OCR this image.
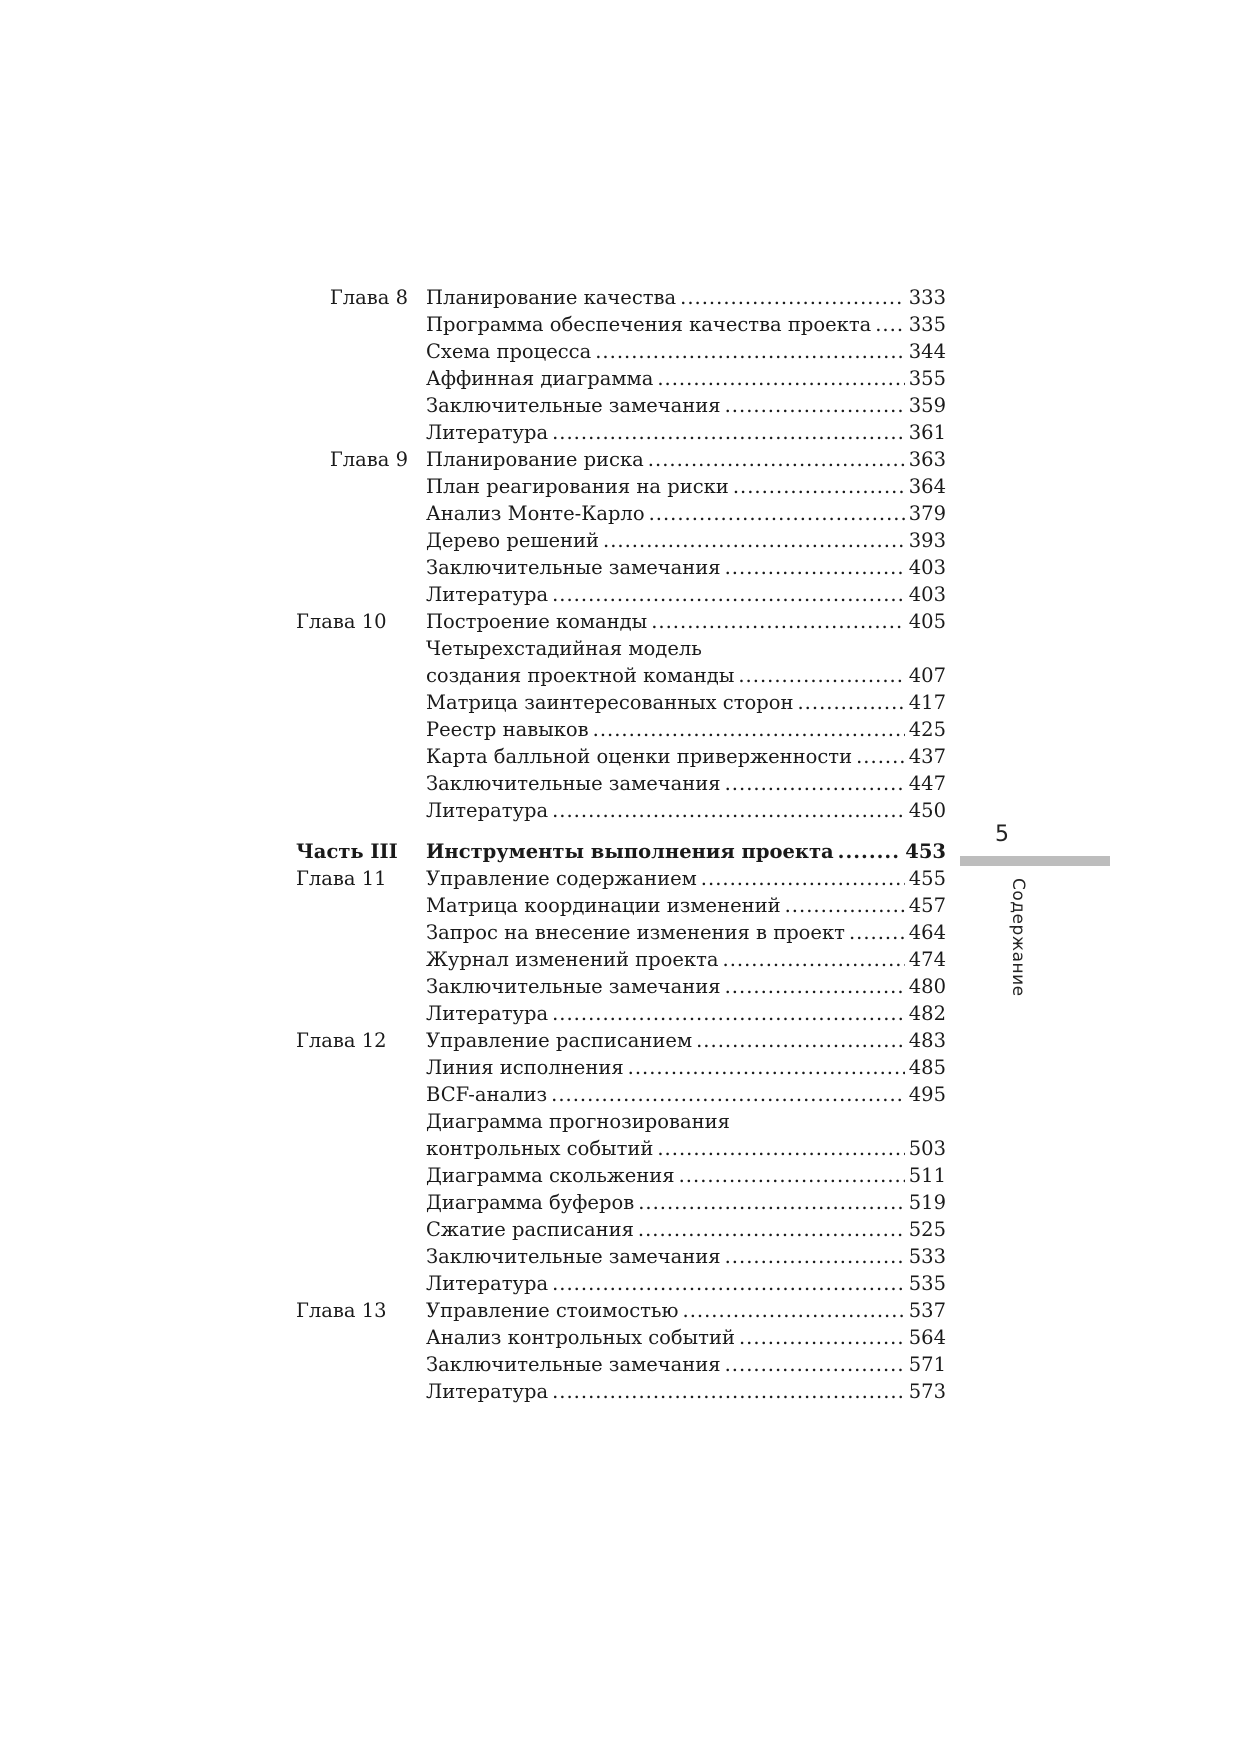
Глава 8 Планирование качества .....	333
Программа обеспечения качества проекта ..... 335
Схема процесса .....	344
Аффинная диаграмма .....	355
Заключительные замечания .....	359
Литература .....	361
Глава 9 Планирование риска .....	363
План реагирования на риски .....	364
Анализ Монте-Карло .....	379
Дерево решений .....	393
Заключительные замечания .....	403
Литература .....	403
Глава 10	Построение команды .....	405
Четырехстадийная модель
создания проектной команды .....	407
Матрица заинтересованных сторон .....	417
Реестр навыков .....	425
Карта балльной оценки приверженности .....	437
Заключительные замечания .....	447
Литература .....	450
Часть III	Инструменты выполнения проекта .....	453
Глава 11	Управление содержанием .....	455
Матрица координации изменений .....	457
Запрос на внесение изменения в проект .....	464
Журнал изменений проекта .....	474
Заключительные замечания .....	480
Литература .....	482
Глава 12	Управление расписанием .....	483
Линия исполнения .....	485
BCF-анализ .....	495
Диаграмма прогнозирования
контрольных событий .....	503
Диаграмма скольжения .....	511
Диаграмма буферов .....	519
Сжатие расписания .....	525
Заключительные замечания .....	533
Литература .....	535
Глава 13	Управление стоимостью .....	537
Анализ контрольных событий .....	564
Заключительные замечания .....	571
Литература .....	573
5
Содержание
